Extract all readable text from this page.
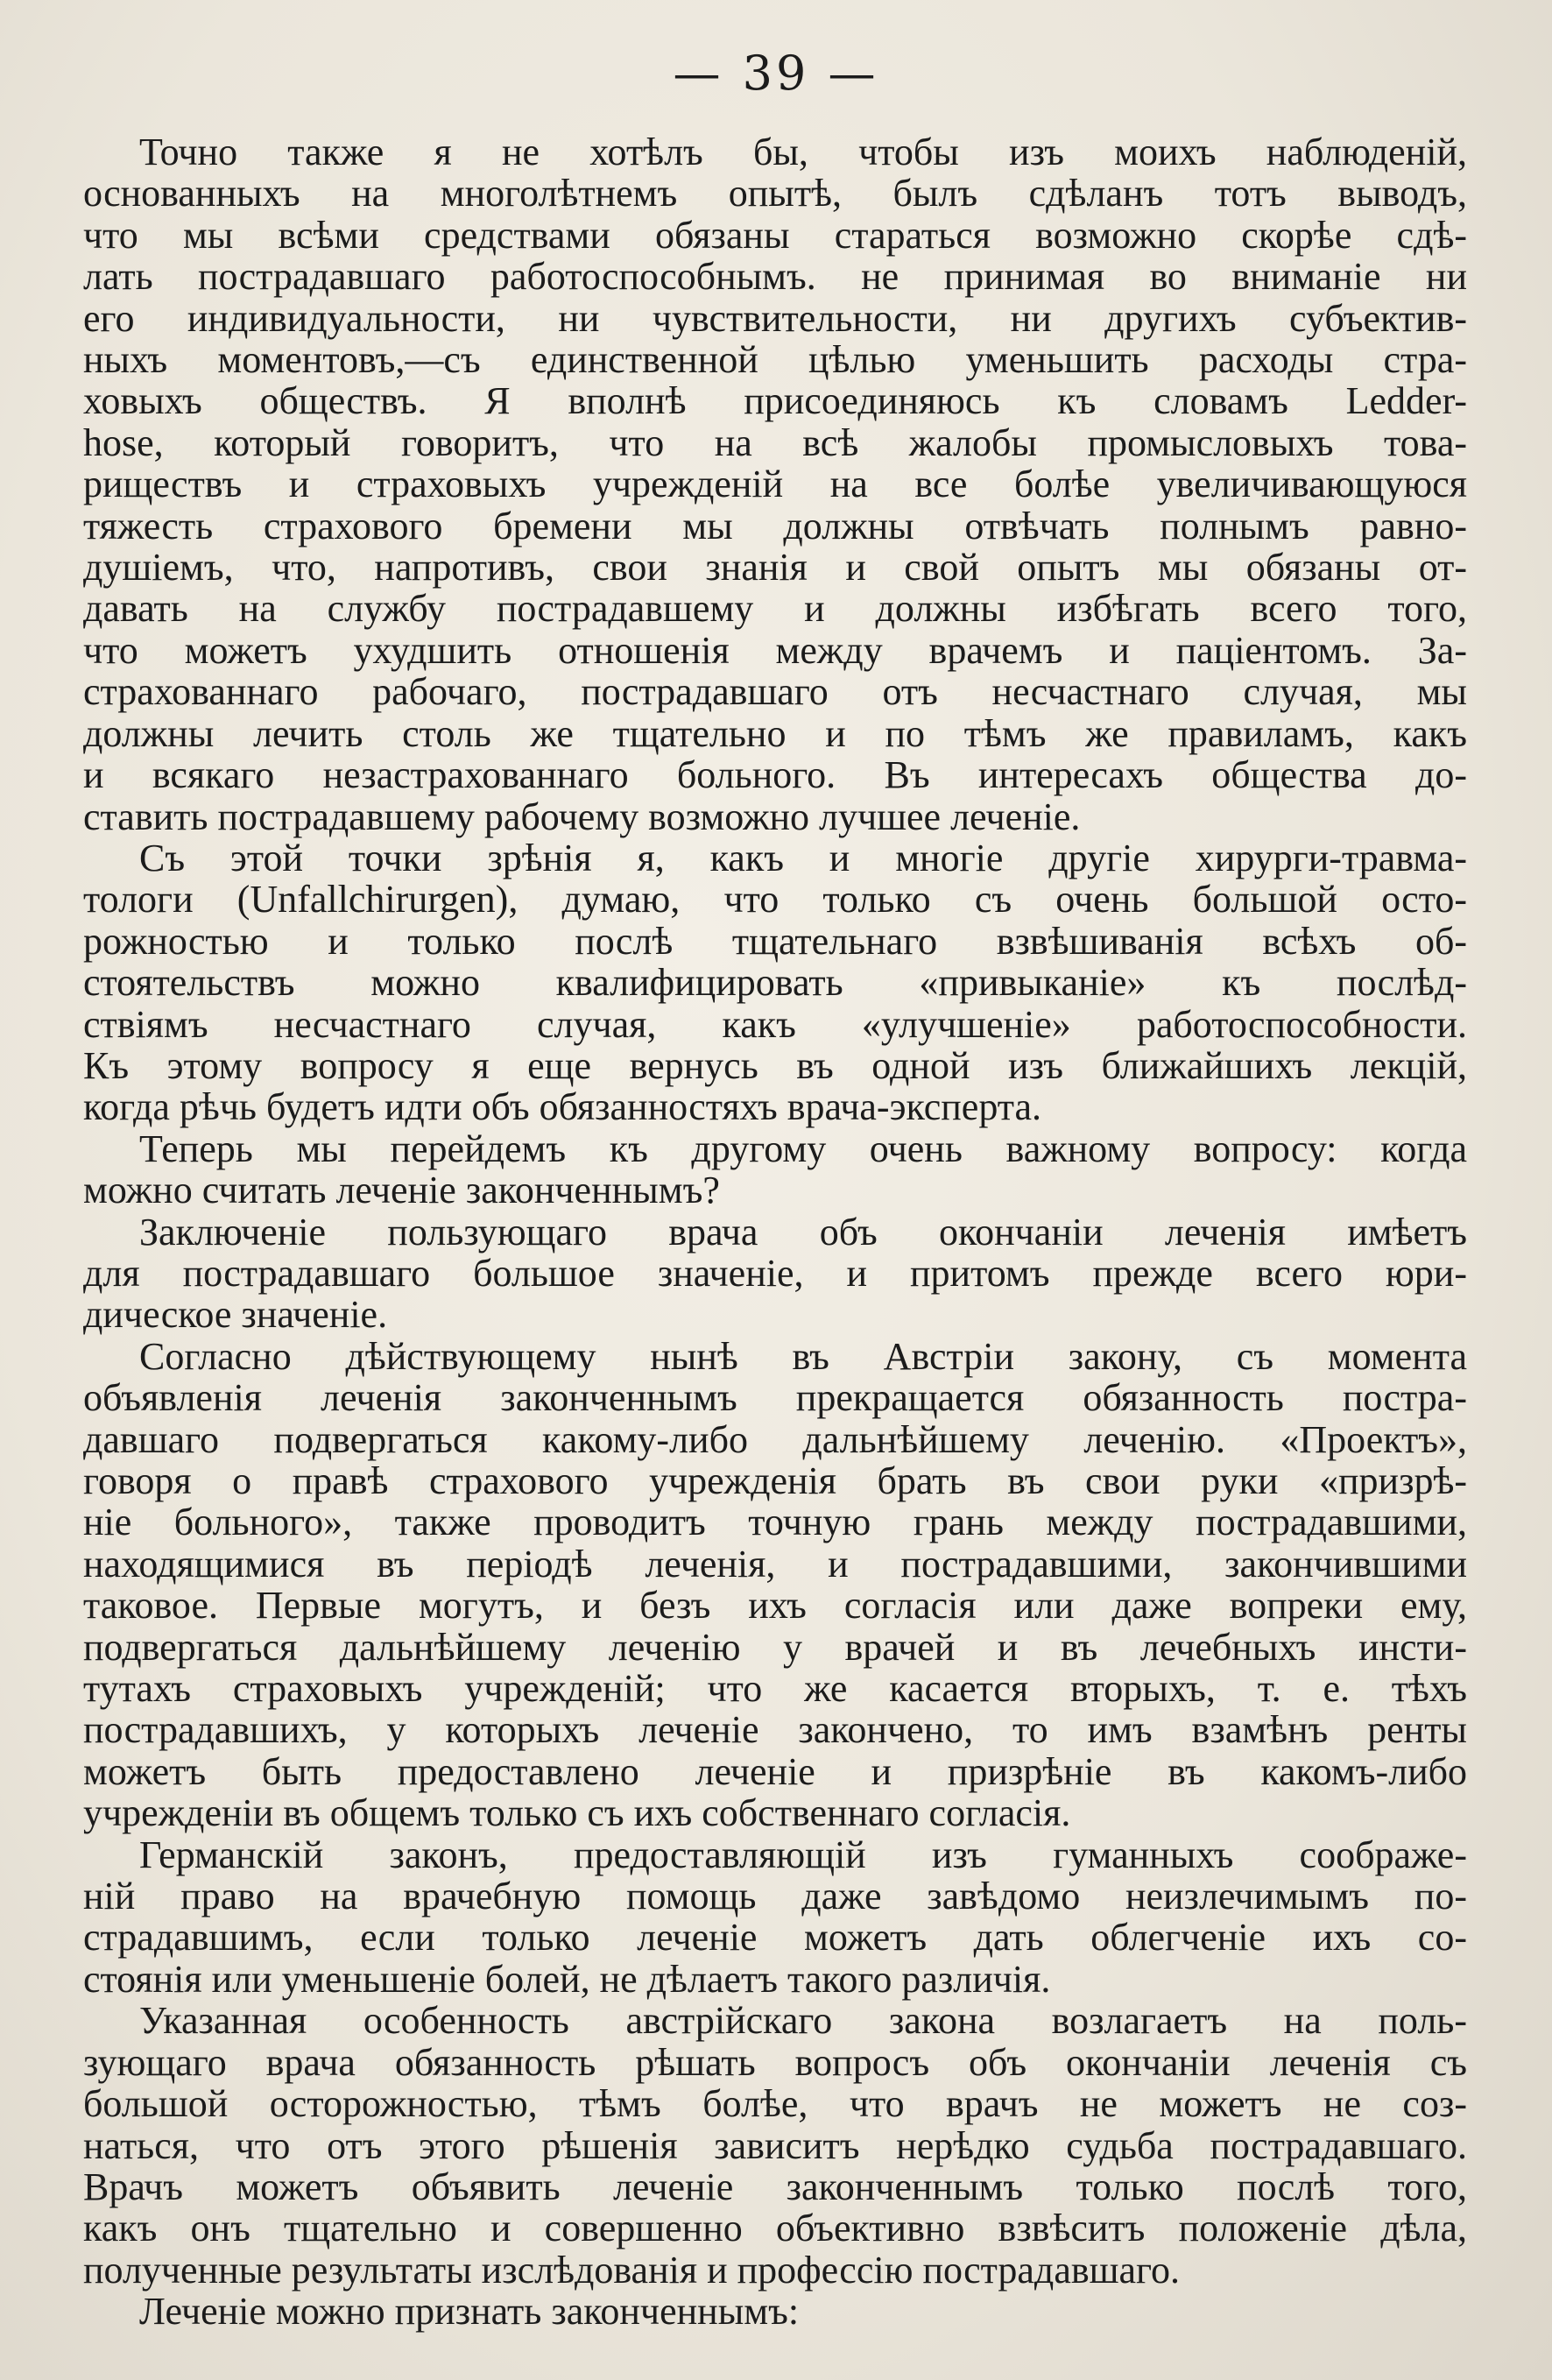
— 39 —
Точно также я не хотѣлъ бы, чтобы изъ моихъ наблюденій,
основанныхъ на многолѣтнемъ опытѣ, былъ сдѣланъ тотъ выводъ,
что мы всѣми средствами обязаны стараться возможно скорѣе сдѣ-
лать пострадавшаго работоспособнымъ. не принимая во вниманіе ни
его индивидуальности, ни чувствительности, ни другихъ субъектив-
ныхъ моментовъ,—съ единственной цѣлью уменьшить расходы стра-
ховыхъ обществъ. Я вполнѣ присоединяюсь къ словамъ Ledder-
hose, который говоритъ, что на всѣ жалобы промысловыхъ това-
риществъ и страховыхъ учрежденій на все болѣе увеличивающуюся
тяжесть страхового бремени мы должны отвѣчать полнымъ равно-
душіемъ, что, напротивъ, свои знанія и свой опытъ мы обязаны от-
давать на службу пострадавшему и должны избѣгать всего того,
что можетъ ухудшить отношенія между врачемъ и паціентомъ. За-
страхованнаго рабочаго, пострадавшаго отъ несчастнаго случая, мы
должны лечить столь же тщательно и по тѣмъ же правиламъ, какъ
и всякаго незастрахованнаго больного. Въ интересахъ общества до-
ставить пострадавшему рабочему возможно лучшее леченіе.
Съ этой точки зрѣнія я, какъ и многіе другіе хирурги-травма-
тологи (Unfallchirurgen), думаю, что только съ очень большой осто-
рожностью и только послѣ тщательнаго взвѣшиванія всѣхъ об-
стоятельствъ можно квалифицировать «привыканіе» къ послѣд-
ствіямъ несчастнаго случая, какъ «улучшеніе» работоспособности.
Къ этому вопросу я еще вернусь въ одной изъ ближайшихъ лекцій,
когда рѣчь будетъ идти объ обязанностяхъ врача-эксперта.
Теперь мы перейдемъ къ другому очень важному вопросу: когда
можно считать леченіе законченнымъ?
Заключеніе пользующаго врача объ окончаніи леченія имѣетъ
для пострадавшаго большое значеніе, и притомъ прежде всего юри-
дическое значеніе.
Согласно дѣйствующему нынѣ въ Австріи закону, съ момента
объявленія леченія законченнымъ прекращается обязанность постра-
давшаго подвергаться какому-либо дальнѣйшему леченію. «Проектъ»,
говоря о правѣ страхового учрежденія брать въ свои руки «призрѣ-
ніе больного», также проводитъ точную грань между пострадавшими,
находящимися въ періодѣ леченія, и пострадавшими, закончившими
таковое. Первые могутъ, и безъ ихъ согласія или даже вопреки ему,
подвергаться дальнѣйшему леченію у врачей и въ лечебныхъ инсти-
тутахъ страховыхъ учрежденій; что же касается вторыхъ, т. е. тѣхъ
пострадавшихъ, у которыхъ леченіе закончено, то имъ взамѣнъ ренты
можетъ быть предоставлено леченіе и призрѣніе въ какомъ-либо
учрежденіи въ общемъ только съ ихъ собственнаго согласія.
Германскій законъ, предоставляющій изъ гуманныхъ соображе-
ній право на врачебную помощь даже завѣдомо неизлечимымъ по-
страдавшимъ, если только леченіе можетъ дать облегченіе ихъ со-
стоянія или уменьшеніе болей, не дѣлаетъ такого различія.
Указанная особенность австрійскаго закона возлагаетъ на поль-
зующаго врача обязанность рѣшать вопросъ объ окончаніи леченія съ
большой осторожностью, тѣмъ болѣе, что врачъ не можетъ не соз-
наться, что отъ этого рѣшенія зависитъ нерѣдко судьба пострадавшаго.
Врачъ можетъ объявить леченіе законченнымъ только послѣ того,
какъ онъ тщательно и совершенно объективно взвѣситъ положеніе дѣла,
полученные результаты изслѣдованія и профессію пострадавшаго.
Леченіе можно признать законченнымъ:
